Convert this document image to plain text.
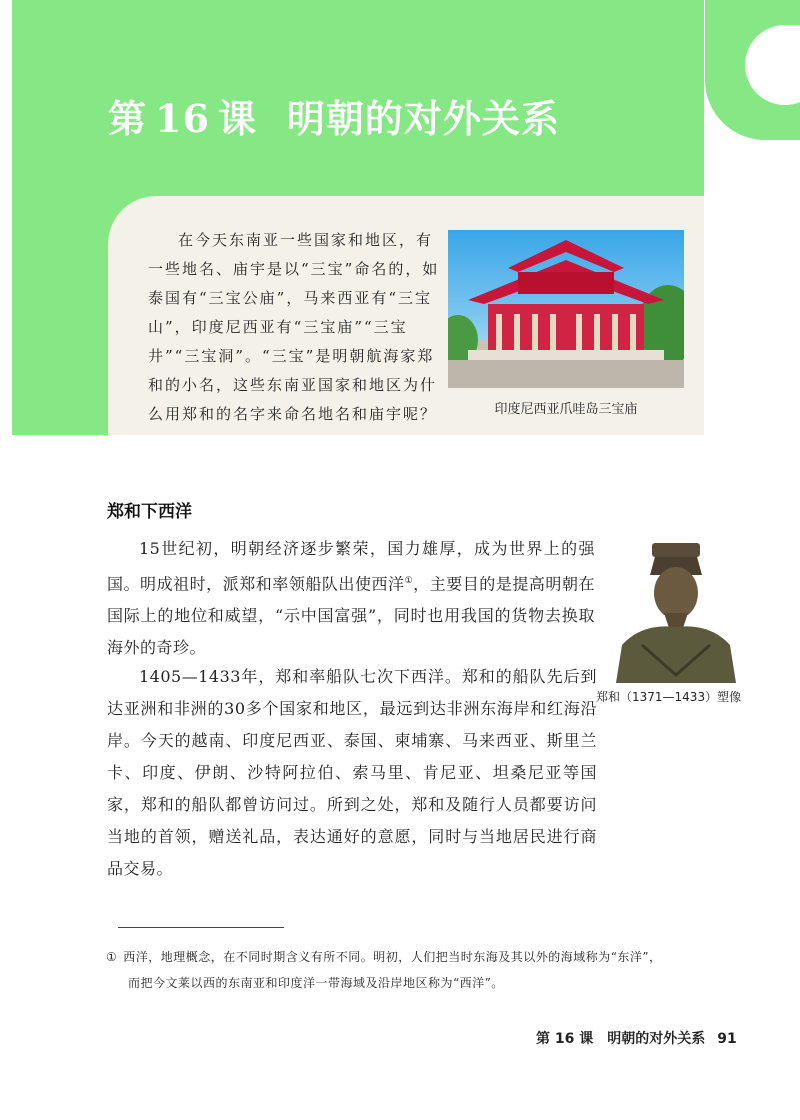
第 16 课 明朝的对外关系
在今天东南亚一些国家和地区，有一些地名、庙宇是以“三宝”命名的，如泰国有“三宝公庙”，马来西亚有“三宝山”，印度尼西亚有“三宝庙”“三宝井”“三宝洞”。“三宝”是明朝航海家郑和的小名，这些东南亚国家和地区为什么用郑和的名字来命名地名和庙宇呢？	印度尼西亚爪哇岛三宝庙
郑和下西洋
15世纪初，明朝经济逐步繁荣，国力雄厚，成为世界上的强国。明成祖时，派郑和率领船队出使西洋①，主要目的是提高明朝在国际上的地位和威望，“示中国富强”，同时也用我国的货物去换取海外的奇珍。
1405—1433年，郑和率船队七次下西洋。郑和的船队先后到达亚洲和非洲的30多个国家和地区，最远到达非洲东海岸和红海沿岸。今天的越南、印度尼西亚、泰国、柬埔寨、马来西亚、斯里兰卡、印度、伊朗、沙特阿拉伯、索马里、肯尼亚、坦桑尼亚等国家，郑和的船队都曾访问过。所到之处，郑和及随行人员都要访问当地的首领，赠送礼品，表达通好的意愿，同时与当地居民进行商品交易。
郑和（1371—1433）塑像
① 西洋，地理概念，在不同时期含义有所不同。明初，人们把当时东海及其以外的海域称为“东洋”，
而把今文莱以西的东南亚和印度洋一带海域及沿岸地区称为“西洋”。
第 16 课　明朝的对外关系 91
